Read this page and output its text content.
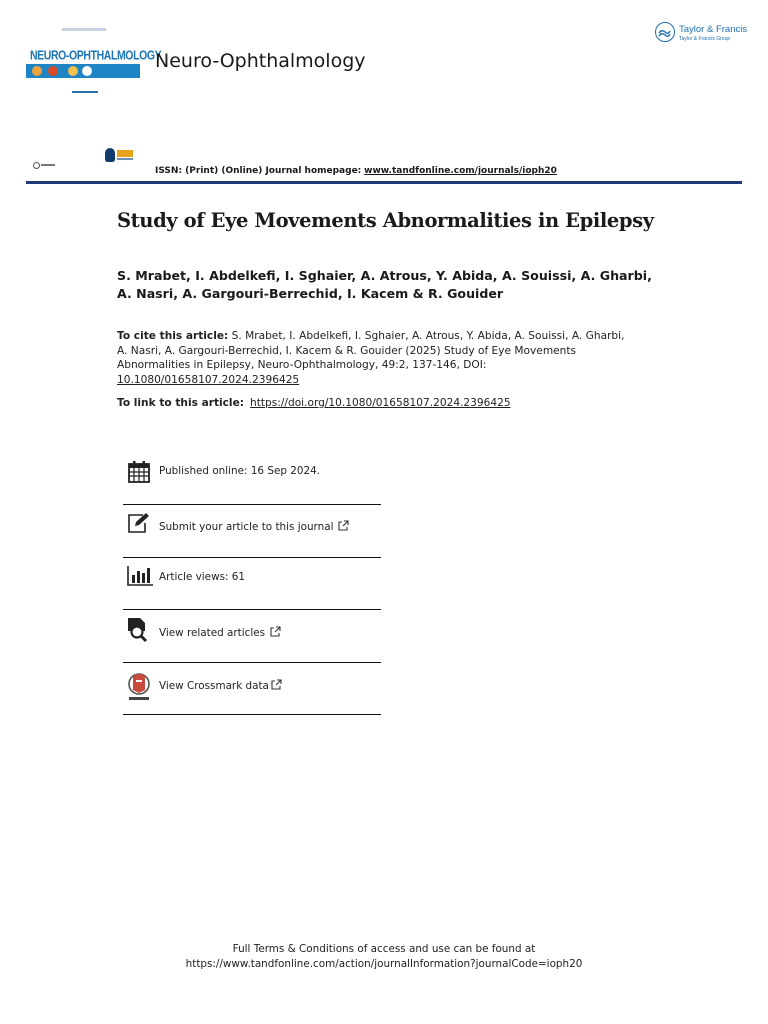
NEURO-OPHTHALMOLOGY
Neuro-Ophthalmology
Taylor & Francis
Taylor & Francis Group
ISSN: (Print) (Online) Journal homepage: www.tandfonline.com/journals/ioph20
Study of Eye Movements Abnormalities in Epilepsy
S. Mrabet, I. Abdelkefi, I. Sghaier, A. Atrous, Y. Abida, A. Souissi, A. Gharbi, A. Nasri, A. Gargouri-Berrechid, I. Kacem & R. Gouider
To cite this article: S. Mrabet, I. Abdelkefi, I. Sghaier, A. Atrous, Y. Abida, A. Souissi, A. Gharbi, A. Nasri, A. Gargouri-Berrechid, I. Kacem & R. Gouider (2025) Study of Eye Movements Abnormalities in Epilepsy, Neuro-Ophthalmology, 49:2, 137-146, DOI: 10.1080/01658107.2024.2396425
To link to this article: https://doi.org/10.1080/01658107.2024.2396425
Published online: 16 Sep 2024.
Submit your article to this journal
Article views: 61
View related articles
View Crossmark data
Full Terms & Conditions of access and use can be found at
https://www.tandfonline.com/action/journalInformation?journalCode=ioph20
